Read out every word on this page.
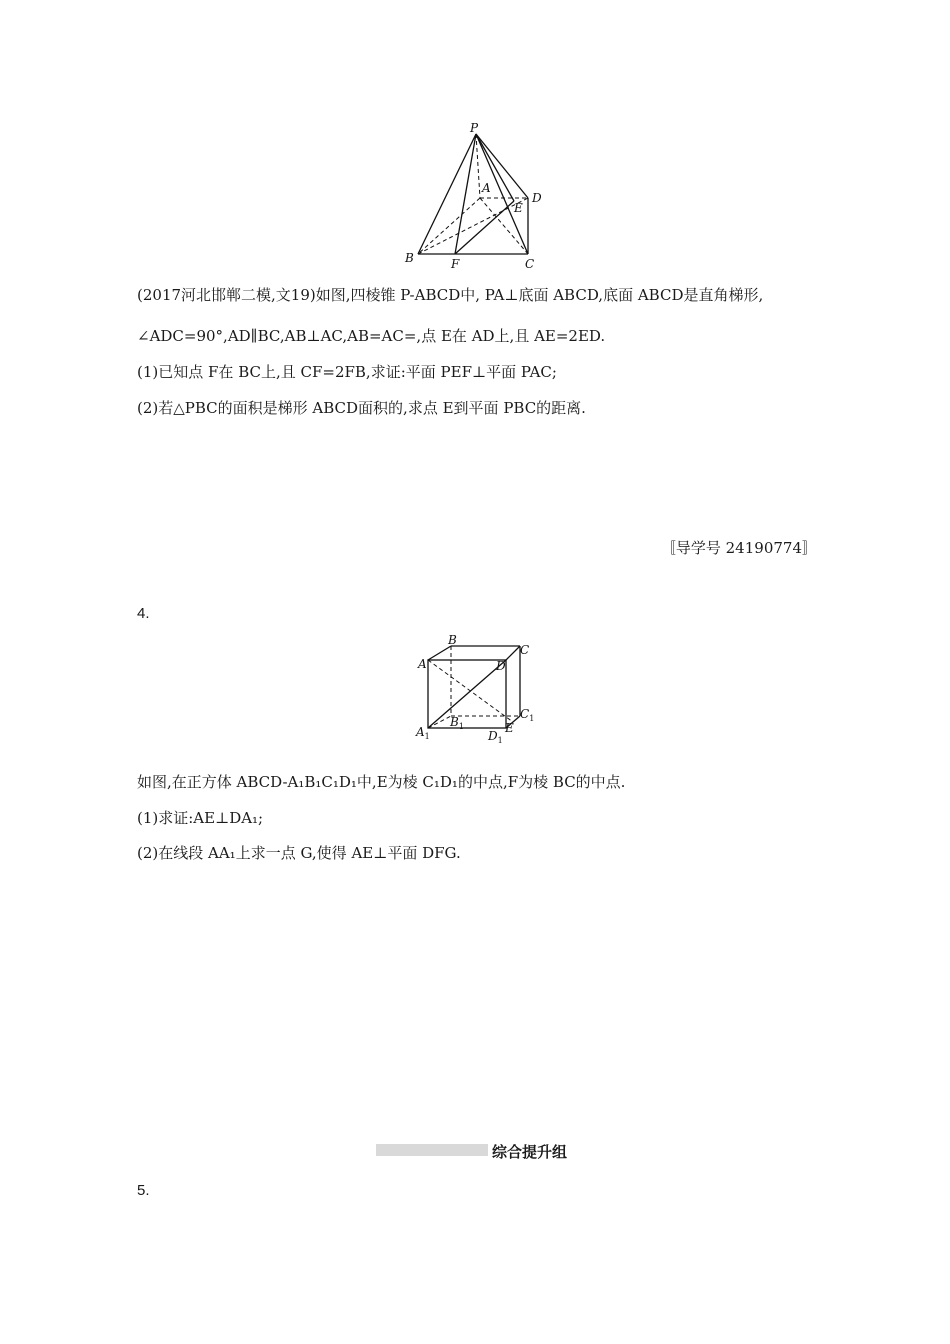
P
A
D
E
B	F	C
(2017河北邯郸二模,文19)如图,四棱锥 P-ABCD中, PA⊥底面 ABCD,底面 ABCD是直角梯形,
∠ADC=90°,AD∥BC,AB⊥AC,AB=AC=,点 E在 AD上,且 AE=2ED.
(1)已知点 F在 BC上,且 CF=2FB,求证:平面 PEF⊥平面 PAC;
(2)若△PBC的面积是梯形 ABCD面积的,求点 E到平面 PBC的距离.
〚导学号 24190774〛
4.
A
B
C
D
$B_1$
$C_1$
$A_1$	$D_1$
E
如图,在正方体 ABCD-A₁B₁C₁D₁中,E为棱 C₁D₁的中点,F为棱 BC的中点.
(1)求证:AE⊥DA₁;
(2)在线段 AA₁上求一点 G,使得 AE⊥平面 DFG.
综合提升组
5.
